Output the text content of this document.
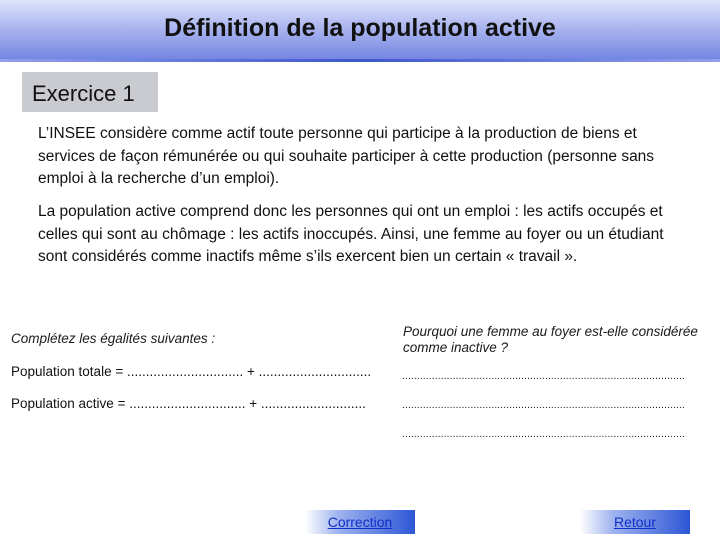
Définition de la population active
Exercice 1

L’INSEE considère comme actif toute personne qui participe à la production de biens et services de façon rémunérée ou qui souhaite participer à cette production (personne sans emploi à la recherche d’un emploi).

La population active comprend donc les personnes qui ont un emploi : les actifs occupés et celles qui sont au chômage : les actifs inoccupés. Ainsi, une femme au foyer ou un étudiant sont considérés comme inactifs même s’ils exercent bien un certain « travail ».

Complétez les égalités suivantes :	Pourquoi une femme au foyer est-elle considérée comme inactive ?
Population totale = ............................... + ..............................
Population active = ............................... + ............................
...............................................................................................
...............................................................................................
...............................................................................................
Correction	Retour
